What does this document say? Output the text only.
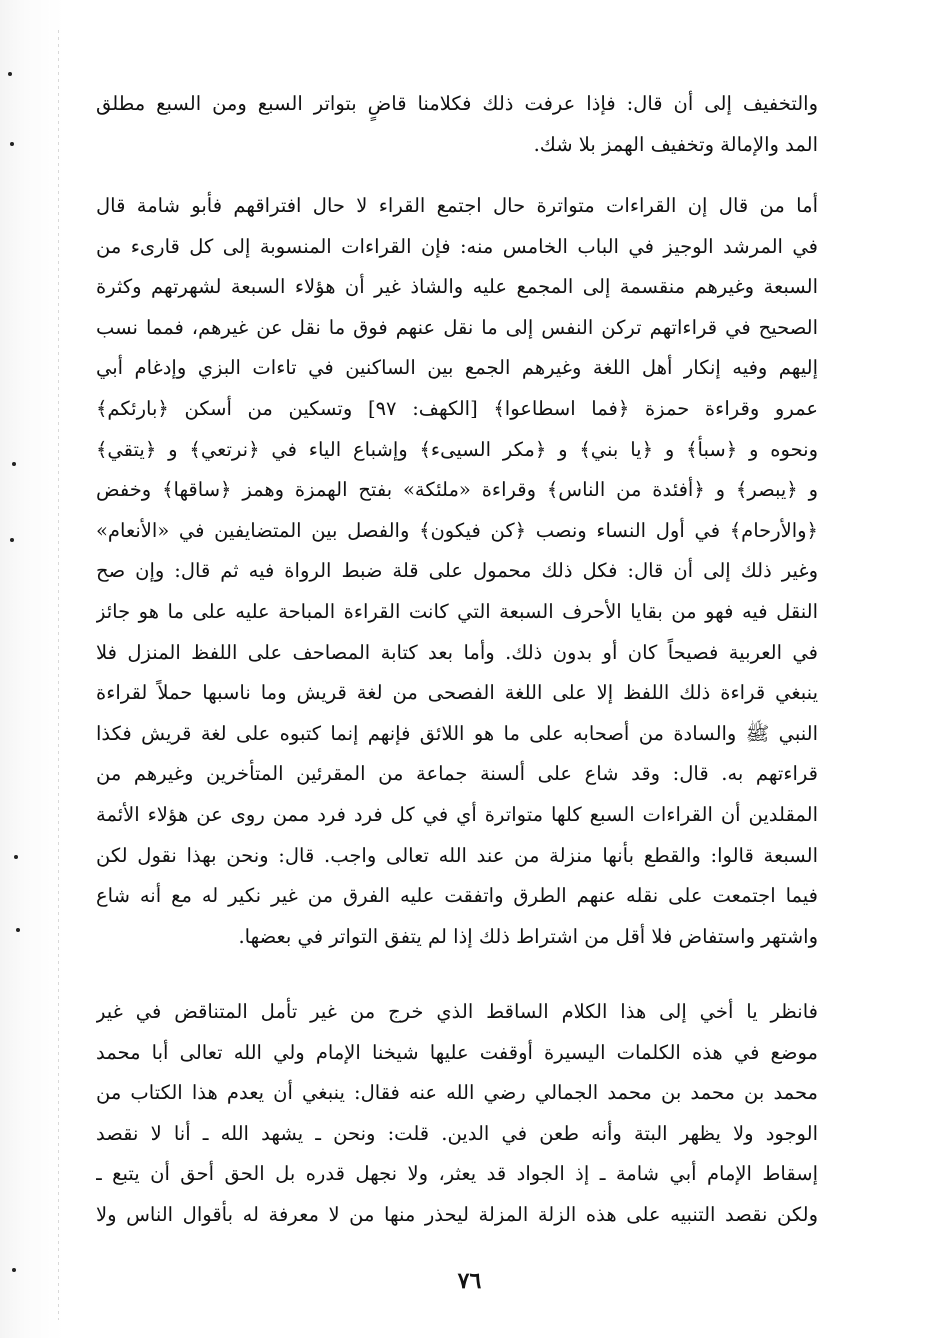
والتخفيف إلى أن قال: فإذا عرفت ذلك فكلامنا قاضٍ بتواتر السبع ومن السبع مطلق
المد والإمالة وتخفيف الهمز بلا شك.
أما من قال إن القراءات متواترة حال اجتمع القراء لا حال افتراقهم فأبو شامة قال
في المرشد الوجيز في الباب الخامس منه: فإن القراءات المنسوبة إلى كل قارىء من
السبعة وغيرهم منقسمة إلى المجمع عليه والشاذ غير أن هؤلاء السبعة لشهرتهم وكثرة
الصحيح في قراءاتهم تركن النفس إلى ما نقل عنهم فوق ما نقل عن غيرهم، فمما نسب
إليهم وفيه إنكار أهل اللغة وغيرهم الجمع بين الساكنين في تاءات البزي وإدغام أبي
عمرو وقراءة حمزة ﴿فما اسطاعوا﴾ [الكهف: ٩٧] وتسكين من أسكن ﴿بارئكم﴾
ونحوه و ﴿سبأ﴾ و ﴿يا بني﴾ و ﴿مكر السيىء﴾ وإشباع الياء في ﴿نرتعي﴾ و ﴿يتقي﴾
و ﴿يبصر﴾ و ﴿أفئدة من الناس﴾ وقراءة «ملئكة» بفتح الهمزة وهمز ﴿ساقها﴾ وخفض
﴿والأرحام﴾ في أول النساء ونصب ﴿كن فيكون﴾ والفصل بين المتضايفين في «الأنعام»
وغير ذلك إلى أن قال: فكل ذلك محمول على قلة ضبط الرواة فيه ثم قال: وإن صح
النقل فيه فهو من بقايا الأحرف السبعة التي كانت القراءة المباحة عليه على ما هو جائز
في العربية فصيحاً كان أو بدون ذلك. وأما بعد كتابة المصاحف على اللفظ المنزل فلا
ينبغي قراءة ذلك اللفظ إلا على اللغة الفصحى من لغة قريش وما ناسبها حملاً لقراءة
النبي ﷺ والسادة من أصحابه على ما هو اللائق فإنهم إنما كتبوه على لغة قريش فكذا
قراءتهم به. قال: وقد شاع على ألسنة جماعة من المقرئين المتأخرين وغيرهم من
المقلدين أن القراءات السبع كلها متواترة أي في كل فرد فرد ممن روى عن هؤلاء الأئمة
السبعة قالوا: والقطع بأنها منزلة من عند الله تعالى واجب. قال: ونحن بهذا نقول لكن
فيما اجتمعت على نقله عنهم الطرق واتفقت عليه الفرق من غير نكير له مع أنه شاع
واشتهر واستفاض فلا أقل من اشتراط ذلك إذا لم يتفق التواتر في بعضها.
فانظر يا أخي إلى هذا الكلام الساقط الذي خرج من غير تأمل المتناقض في غير
موضع في هذه الكلمات اليسيرة أوقفت عليها شيخنا الإمام ولي الله تعالى أبا محمد
محمد بن محمد بن محمد الجمالي رضي الله عنه فقال: ينبغي أن يعدم هذا الكتاب من
الوجود ولا يظهر البتة وأنه طعن في الدين. قلت: ونحن ـ يشهد الله ـ أنا لا نقصد
إسقاط الإمام أبي شامة ـ إذ الجواد قد يعثر، ولا نجهل قدره بل الحق أحق أن يتبع ـ
ولكن نقصد التنبيه على هذه الزلة المزلة ليحذر منها من لا معرفة له بأقوال الناس ولا
٧٦
